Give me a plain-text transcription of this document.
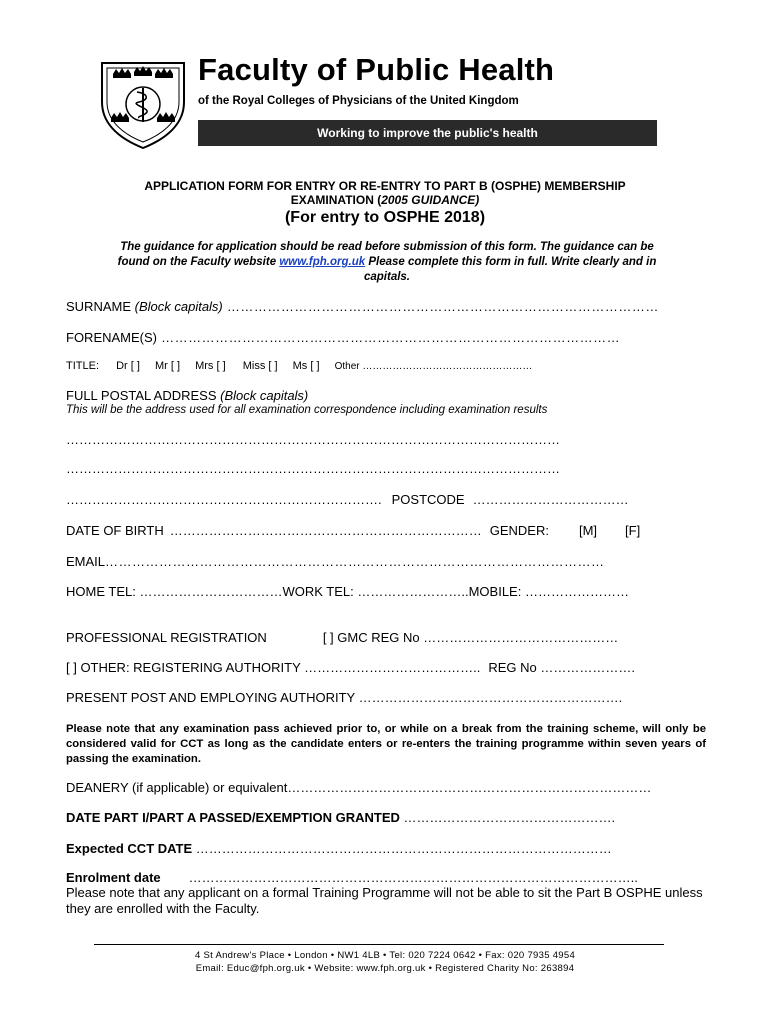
Faculty of Public Health
of the Royal Colleges of Physicians of the United Kingdom
Working to improve the public's health
APPLICATION FORM FOR ENTRY OR RE-ENTRY TO PART B (OSPHE) MEMBERSHIP
EXAMINATION (2005 GUIDANCE)
(For entry to OSPHE 2018)
The guidance for application should be read before submission of this form. The guidance can be
found on the Faculty website www.fph.org.uk Please complete this form in full. Write clearly and in
capitals.
SURNAME (Block capitals) ……………………………………………………………………………………
FORENAME(S) …………………………………………………………………………………………
TITLE: Dr [ ] Mr [ ] Mrs [ ] Miss [ ] Ms [ ] Other ……………………………………………
FULL POSTAL ADDRESS (Block capitals)
This will be the address used for all examination correspondence including examination results
……………………………………………………………………………………………………
……………………………………………………………………………………………………
………………………………………………………………. POSTCODE ………………………………
DATE OF BIRTH ……………………………………………………………… GENDER: [M] [F]
EMAIL…………………………………………………………………………………………………
HOME TEL: ……………………………WORK TEL: ……………………..MOBILE: ……………………
PROFESSIONAL REGISTRATION	[ ] GMC REG No ………………………………………
[ ] OTHER: REGISTERING AUTHORITY ………………………………….. REG No ………………….
PRESENT POST AND EMPLOYING AUTHORITY …………………………………………………….
Please note that any examination pass achieved prior to, or while on a break from the training scheme, will only be considered valid for CCT as long as the candidate enters or re-enters the training programme within seven years of passing the examination.
DEANERY (if applicable) or equivalent…………………………………………………………………………
DATE PART I/PART A PASSED/EXEMPTION GRANTED ………………………………………….
Expected CCT DATE ……………………………………………………………………………………
Enrolment date …………………………………………………………………………………………..
Please note that any applicant on a formal Training Programme will not be able to sit the Part B OSPHE unless they are enrolled with the Faculty.
4 St Andrew's Place • London • NW1 4LB • Tel: 020 7224 0642 • Fax: 020 7935 4954
Email: Educ@fph.org.uk • Website: www.fph.org.uk • Registered Charity No: 263894
